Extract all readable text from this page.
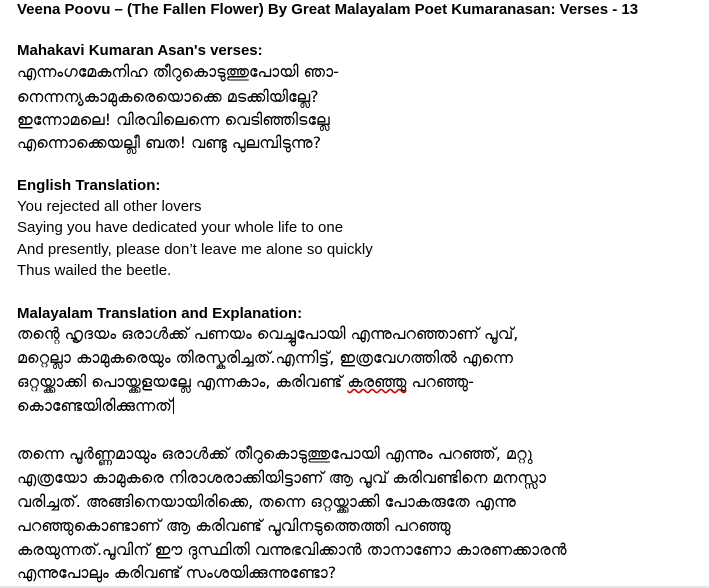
Veena Poovu – (The Fallen Flower) By Great Malayalam Poet Kumaranasan: Verses - 13
Mahakavi Kumaran Asan's verses:
എന്നംഗമേകനിഹ തീറുകൊടുത്തുപോയി ഞാ-
നെന്നന്യകാമുകരെയൊക്കെ മടക്കിയില്ലേ?
ഇന്നോമലെ! വിരവിലെന്നെ വെടിഞ്ഞിടല്ലേ
എന്നൊക്കെയല്ലീ ബത! വണ്ടു പുലമ്പിടുന്നു?
English Translation:
You rejected all other lovers
Saying you have dedicated your whole life to one
And presently, please don’t leave me alone so quickly
Thus wailed the beetle.
Malayalam Translation and Explanation:
തന്റെ ഹൃദയം ഒരാൾക്ക് പണയം വെച്ചുപോയി എന്നുപറഞ്ഞാണ് പൂവ്,
മറ്റെല്ലാ കാമുകരെയും തിരസ്കരിച്ചത്.എന്നിട്ട്, ഇത്രവേഗത്തിൽ എന്നെ
ഒറ്റയ്ക്കാക്കി പൊയ്ക്കളയല്ലേ എന്നകാം, കരിവണ്ട് കരഞ്ഞു പറഞ്ഞു-
കൊണ്ടേയിരിക്കുന്നത്
തന്നെ പൂർണ്ണമായും ഒരാൾക്ക് തീറുകൊടുത്തുപോയി എന്നും പറഞ്ഞ്, മറ്റു
എത്രയോ കാമുകരെ നിരാശരാക്കിയിട്ടാണ് ആ പൂവ് കരിവണ്ടിനെ മനസ്സാ
വരിച്ചത്. അങ്ങിനെയായിരിക്കെ, തന്നെ ഒറ്റയ്ക്കാക്കി പോകരുതേ എന്നു
പറഞ്ഞുകൊണ്ടാണ് ആ കരിവണ്ട് പൂവിനടുത്തെത്തി പറഞ്ഞു
കരയുന്നത്.പൂവിന് ഈ ദുസ്ഥിതി വന്നുഭവിക്കാൻ താനാണോ കാരണക്കാരൻ
എന്നുപോലും കരിവണ്ട് സംശയിക്കുന്നുണ്ടോ?
